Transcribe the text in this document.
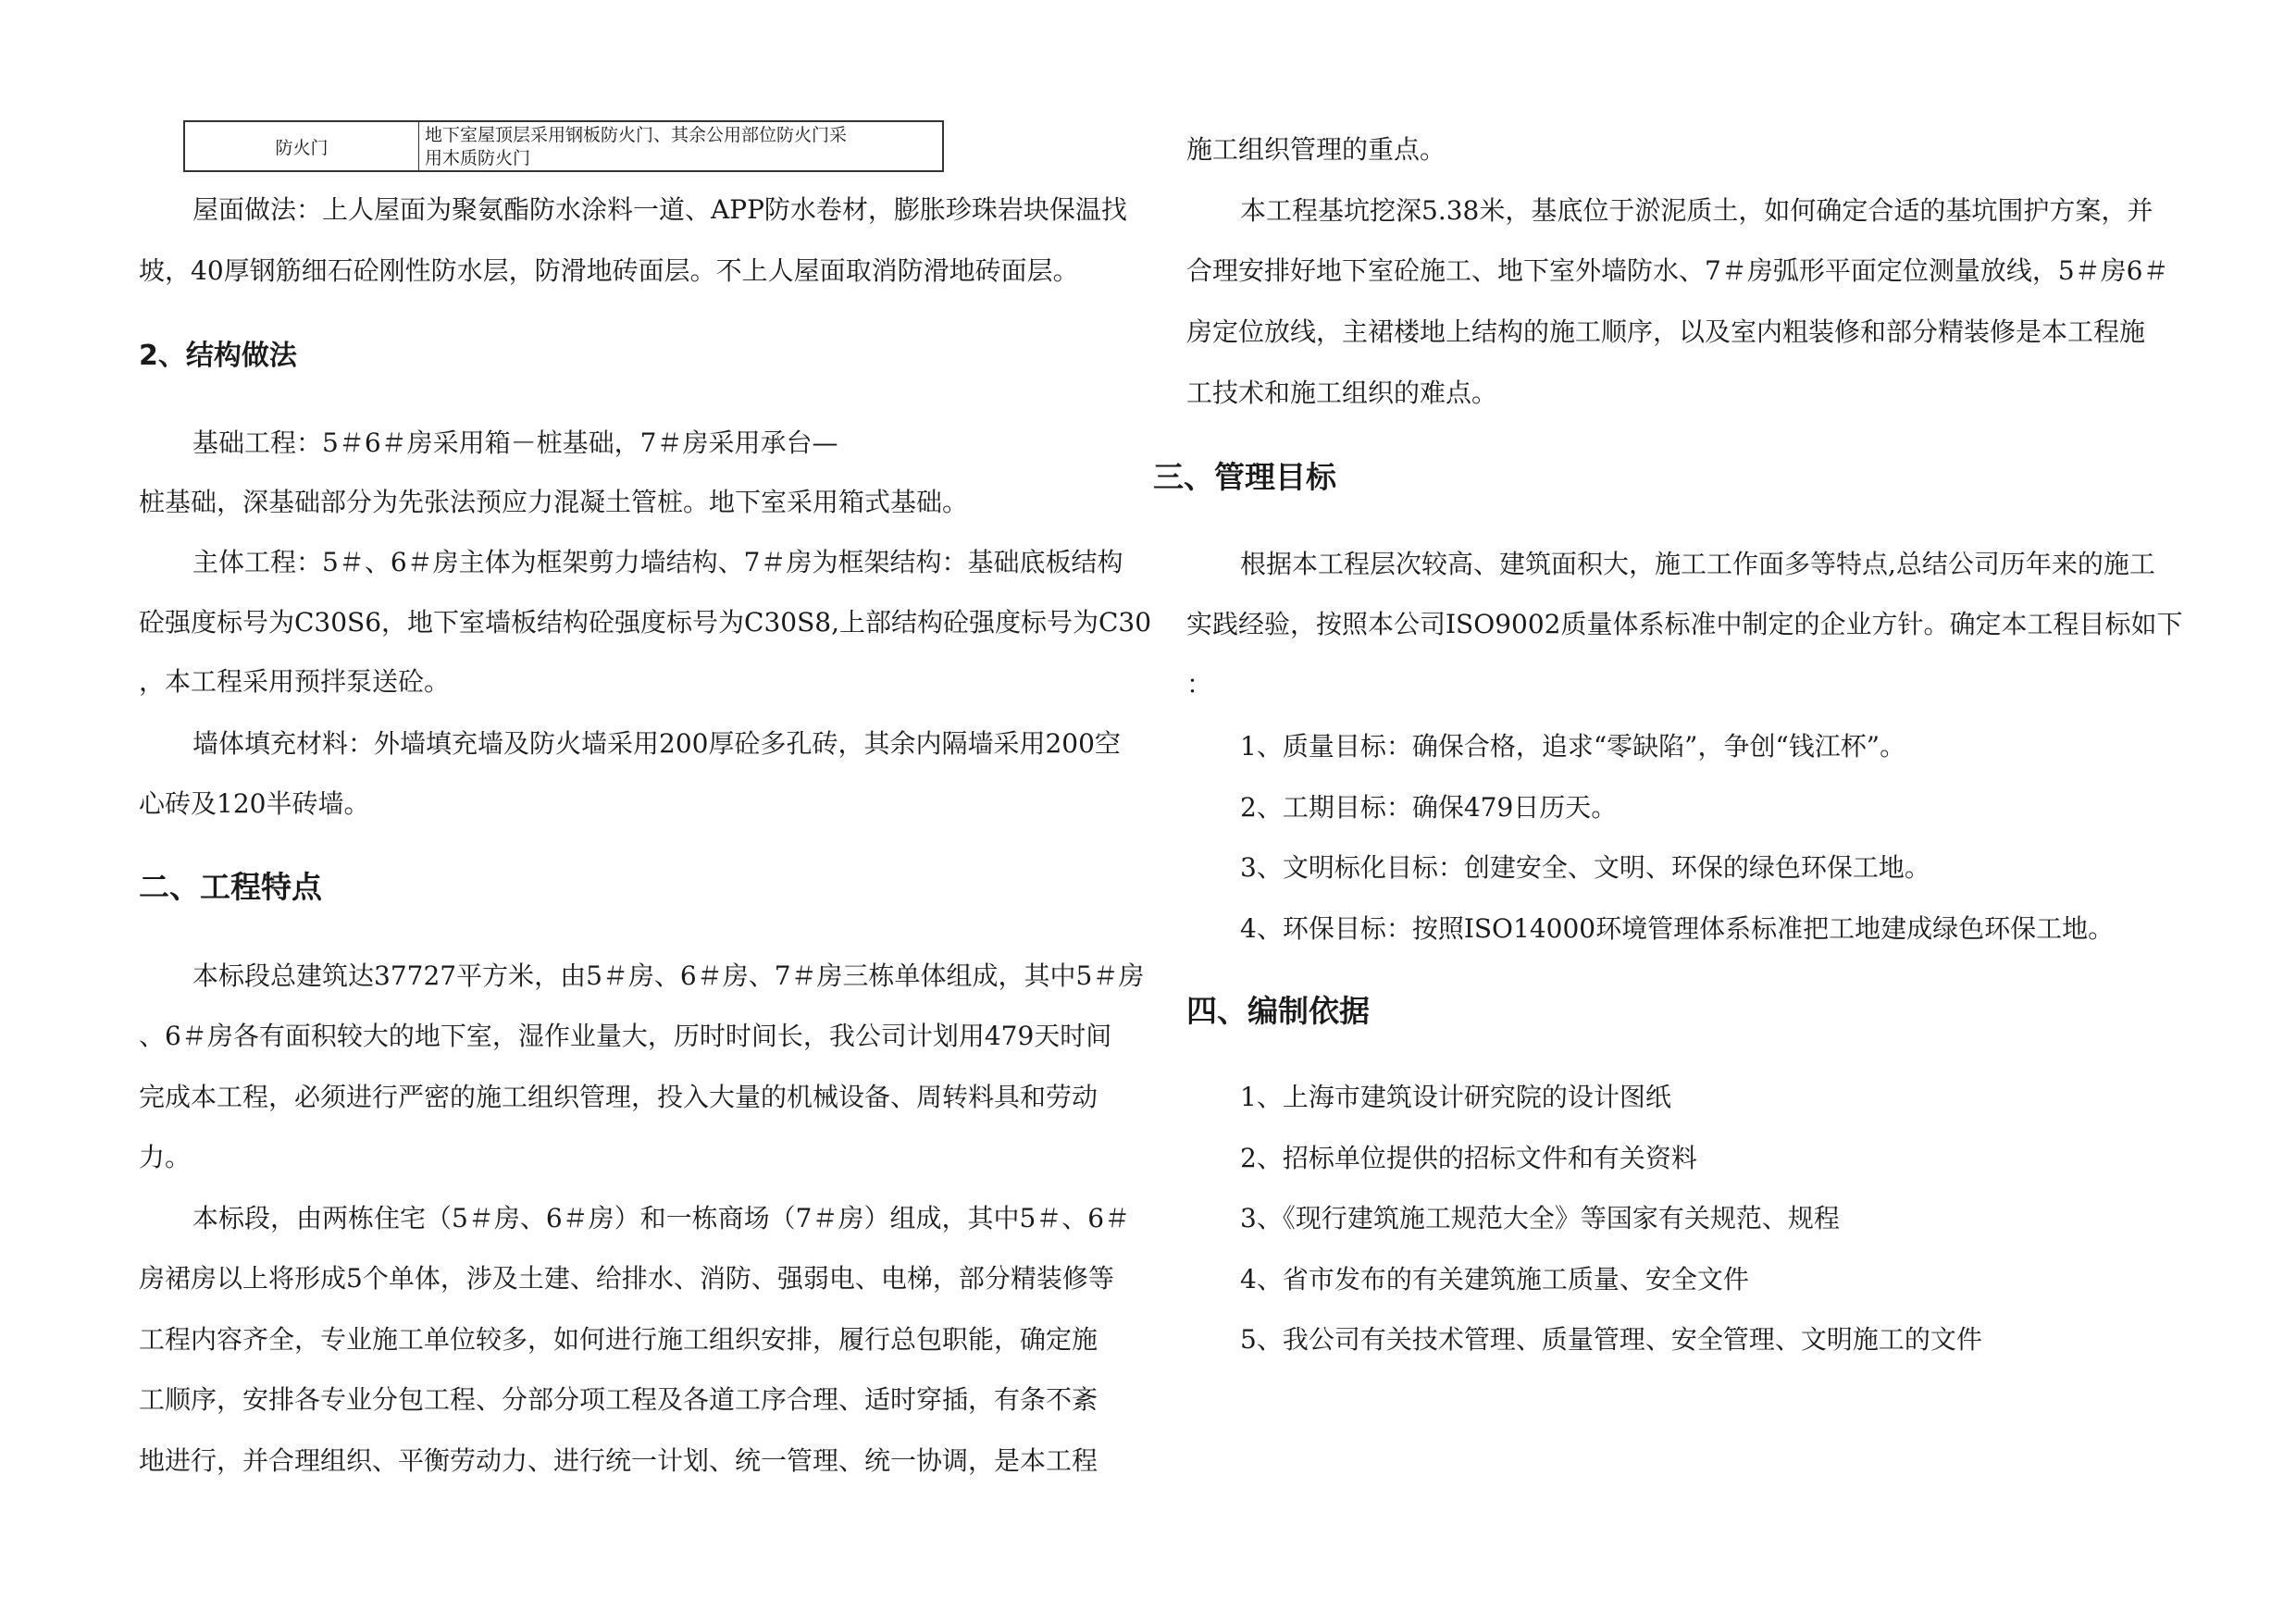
防火门
地下室屋顶层采用钢板防火门、其余公用部位防火门采
用木质防火门
屋面做法：上人屋面为聚氨酯防水涂料一道、APP防水卷材，膨胀珍珠岩块保温找
坡，40厚钢筋细石砼刚性防水层，防滑地砖面层。不上人屋面取消防滑地砖面层。
2、结构做法
基础工程：5＃6＃房采用箱－桩基础，7＃房采用承台—
桩基础，深基础部分为先张法预应力混凝土管桩。地下室采用箱式基础。
主体工程：5＃、6＃房主体为框架剪力墙结构、7＃房为框架结构：基础底板结构
砼强度标号为C30S6，地下室墙板结构砼强度标号为C30S8,上部结构砼强度标号为C30
，本工程采用预拌泵送砼。
墙体填充材料：外墙填充墙及防火墙采用200厚砼多孔砖，其余内隔墙采用200空
心砖及120半砖墙。
二、工程特点
本标段总建筑达37727平方米，由5＃房、6＃房、7＃房三栋单体组成，其中5＃房
、6＃房各有面积较大的地下室，湿作业量大，历时时间长，我公司计划用479天时间
完成本工程，必须进行严密的施工组织管理，投入大量的机械设备、周转料具和劳动
力。
本标段，由两栋住宅（5＃房、6＃房）和一栋商场（7＃房）组成，其中5＃、6＃
房裙房以上将形成5个单体，涉及土建、给排水、消防、强弱电、电梯，部分精装修等
工程内容齐全，专业施工单位较多，如何进行施工组织安排，履行总包职能，确定施
工顺序，安排各专业分包工程、分部分项工程及各道工序合理、适时穿插，有条不紊
地进行，并合理组织、平衡劳动力、进行统一计划、统一管理、统一协调，是本工程
施工组织管理的重点。
本工程基坑挖深5.38米，基底位于淤泥质土，如何确定合适的基坑围护方案，并
合理安排好地下室砼施工、地下室外墙防水、7＃房弧形平面定位测量放线，5＃房6＃
房定位放线，主裙楼地上结构的施工顺序，以及室内粗装修和部分精装修是本工程施
工技术和施工组织的难点。
三、管理目标
根据本工程层次较高、建筑面积大，施工工作面多等特点,总结公司历年来的施工
实践经验，按照本公司ISO9002质量体系标准中制定的企业方针。确定本工程目标如下
：
1、质量目标：确保合格，追求“零缺陷”，争创“钱江杯”。
2、工期目标：确保479日历天。
3、文明标化目标：创建安全、文明、环保的绿色环保工地。
4、环保目标：按照ISO14000环境管理体系标准把工地建成绿色环保工地。
四、编制依据
1、上海市建筑设计研究院的设计图纸
2、招标单位提供的招标文件和有关资料
3、《现行建筑施工规范大全》等国家有关规范、规程
4、省市发布的有关建筑施工质量、安全文件
5、我公司有关技术管理、质量管理、安全管理、文明施工的文件
